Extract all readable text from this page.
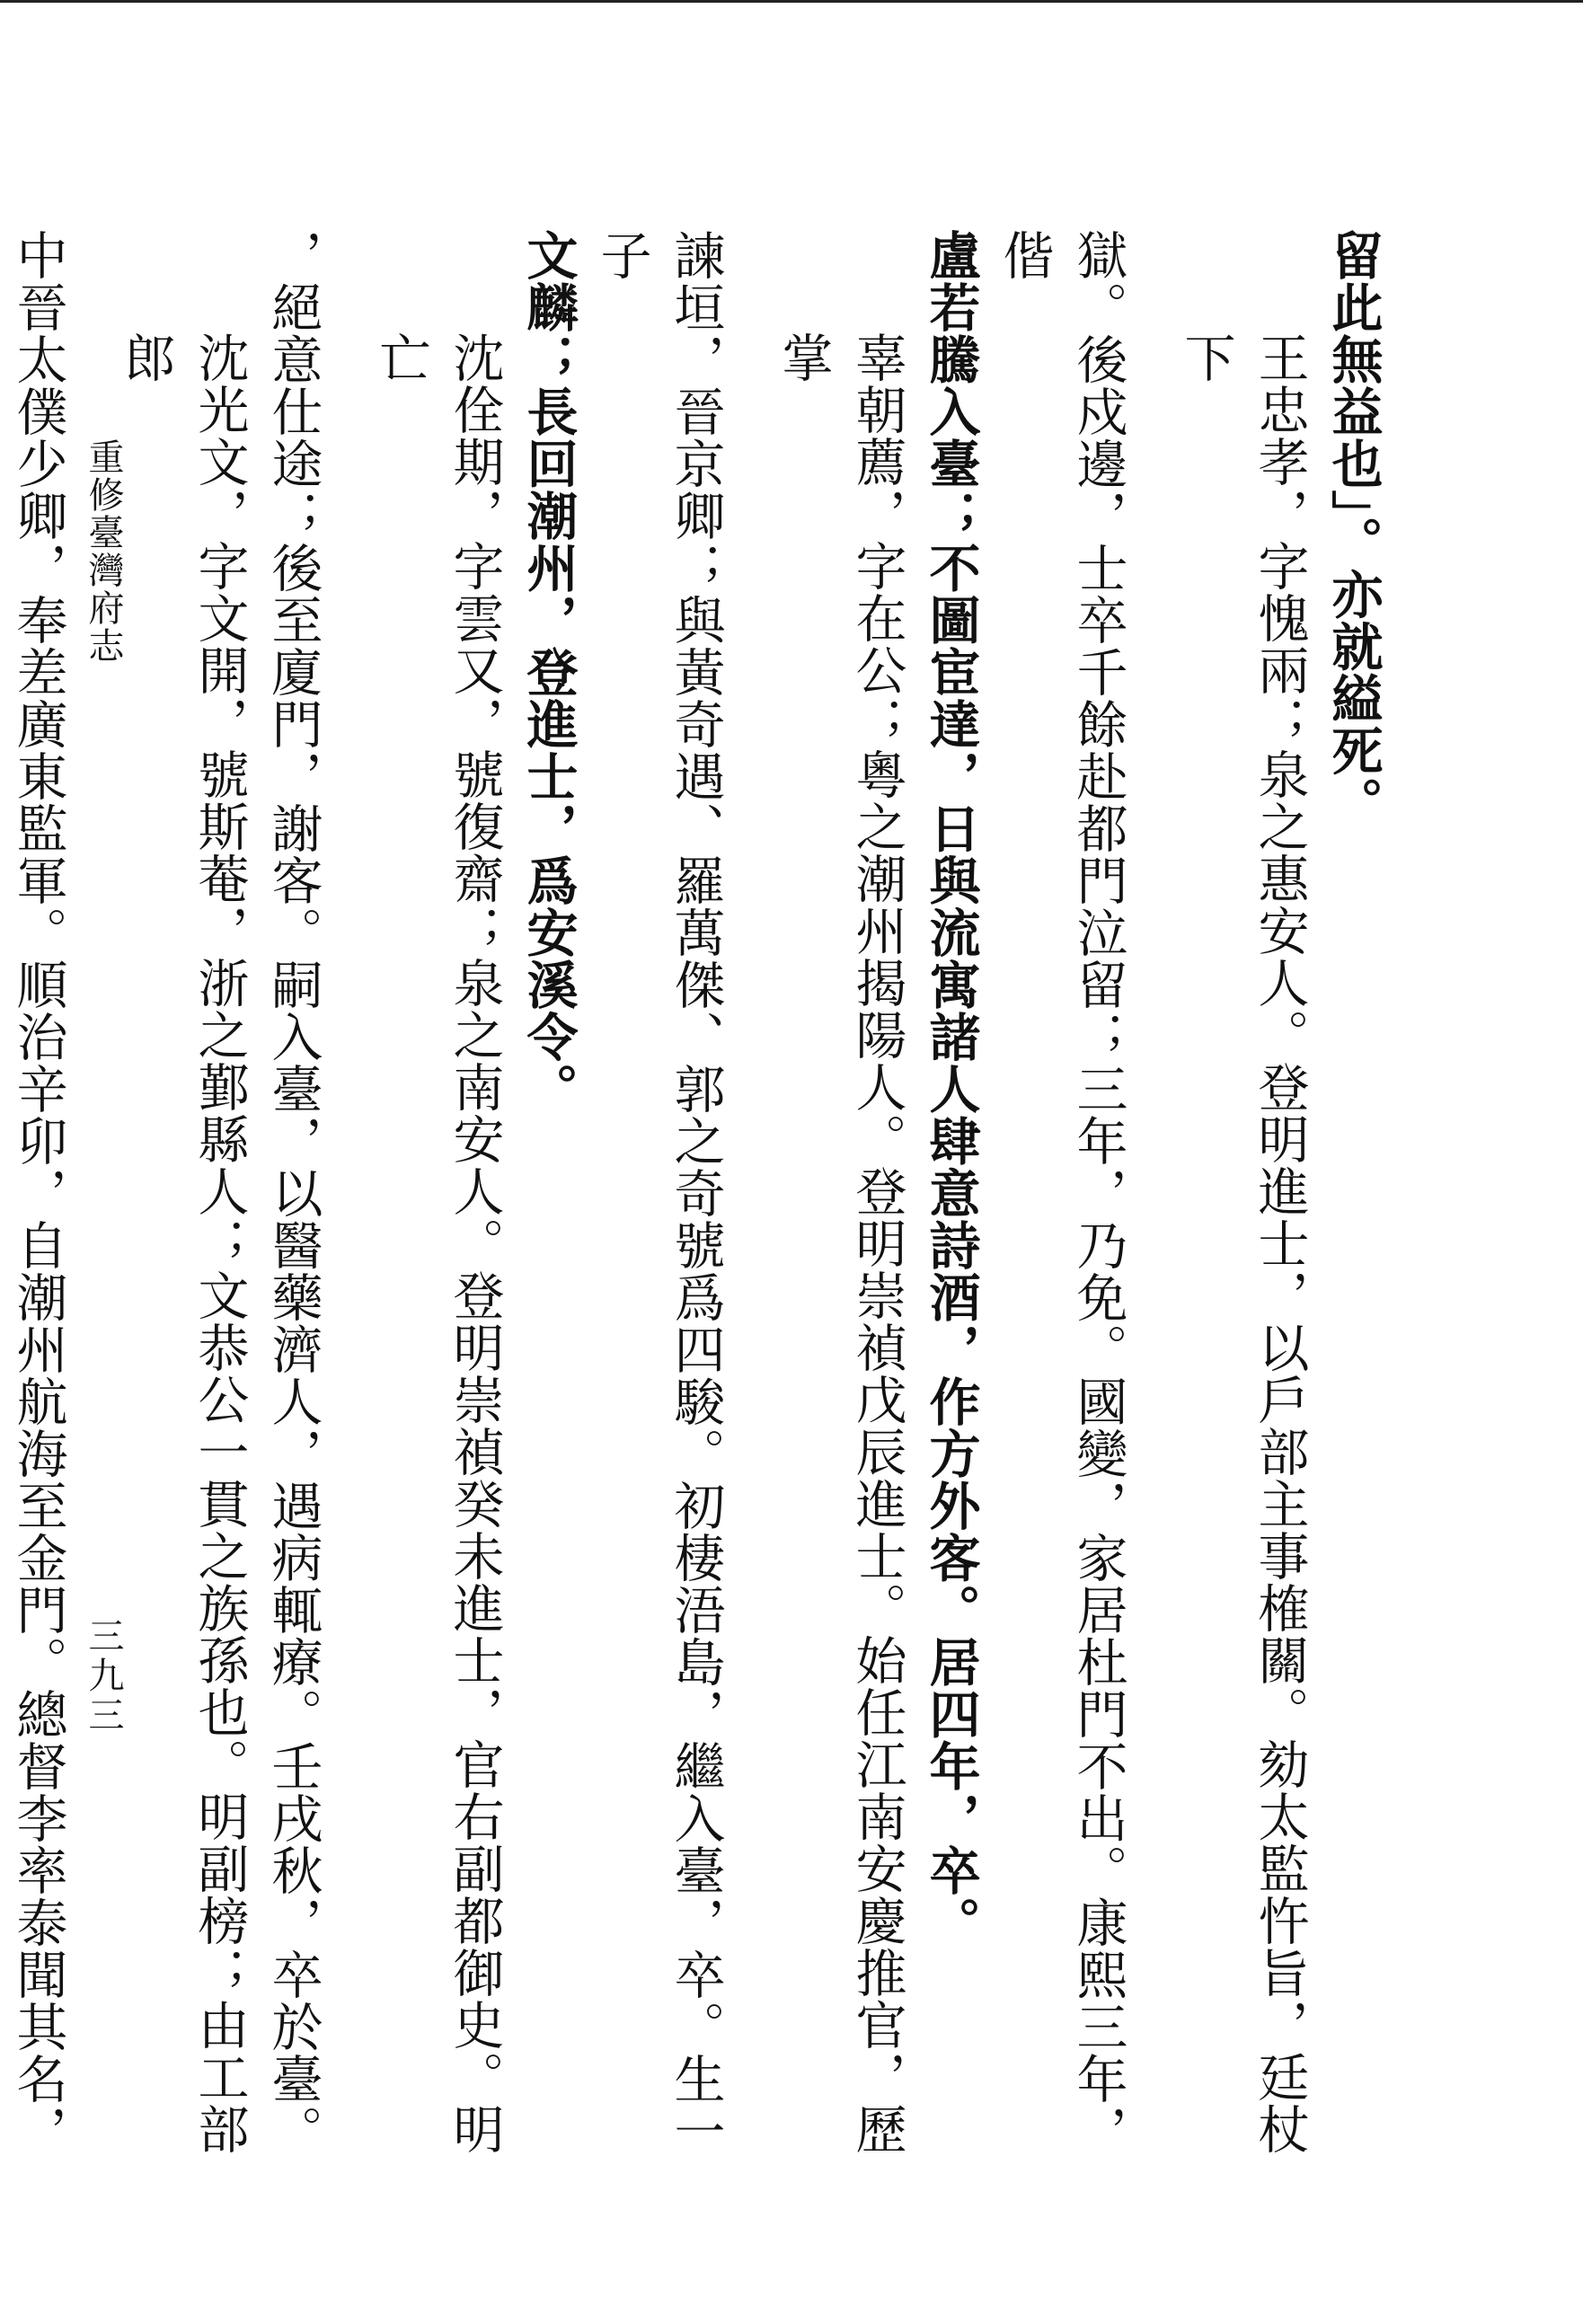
留此無益也」。亦就縊死。

王忠孝，字愧兩；泉之惠安人。登明進士，以戶部主事榷關。劾太監忤旨，廷杖下

獄。後戍邊，士卒千餘赴都門泣留；三年，乃免。國變，家居杜門不出。康熙三年，偕

盧若騰入臺；不圖宦達，日與流寓諸人肆意詩酒，作方外客。居四年，卒。

辜朝薦，字在公；粵之潮州揭陽人。登明崇禎戊辰進士。始任江南安慶推官，歷掌

諫垣，晉京卿；與黃奇遇、羅萬傑、郭之奇號爲四駿。初棲浯島，繼入臺，卒。生一子

文麟；長回潮州，登進士，爲安溪令。

沈佺期，字雲又，號復齋；泉之南安人。登明崇禎癸未進士，官右副都御史。明亡

，絕意仕途；後至廈門，謝客。嗣入臺，以醫藥濟人，遇病輒療。壬戌秋，卒於臺。

沈光文，字文開，號斯菴，浙之鄞縣人；文恭公一貫之族孫也。明副榜；由工部郎

中晉太僕少卿，奉差廣東監軍。順治辛卯，自潮州航海至金門。總督李率泰聞其名，

重修臺灣府志
三九三
